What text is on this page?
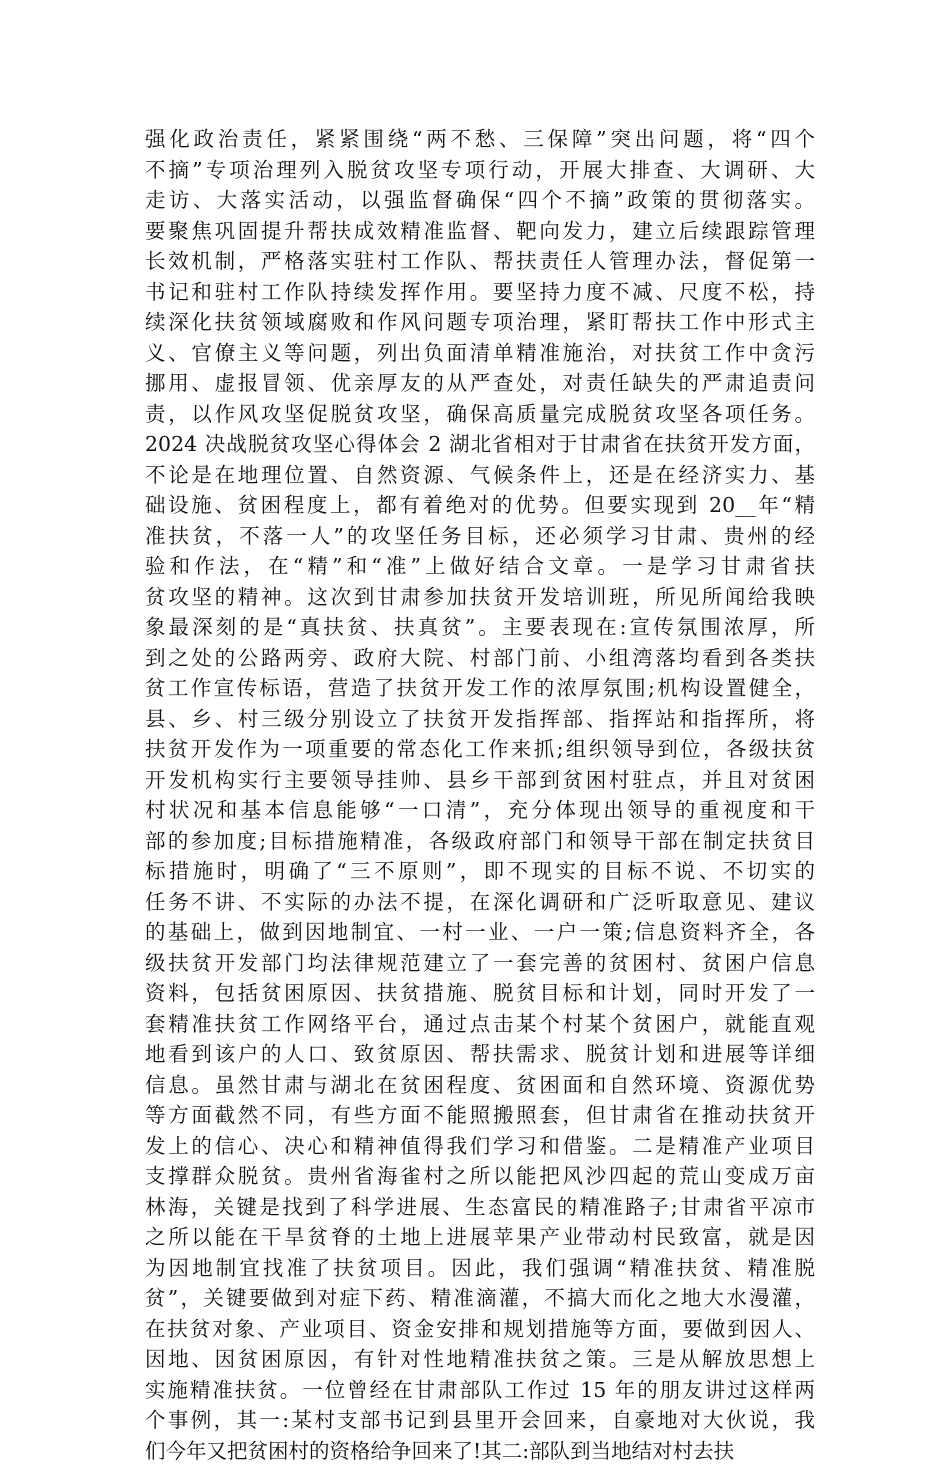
强化政治责任，紧紧围绕“两不愁、三保障”突出问题，将“四个
不摘”专项治理列入脱贫攻坚专项行动，开展大排查、大调研、大
走访、大落实活动，以强监督确保“四个不摘”政策的贯彻落实。
要聚焦巩固提升帮扶成效精准监督、靶向发力，建立后续跟踪管理
长效机制，严格落实驻村工作队、帮扶责任人管理办法，督促第一
书记和驻村工作队持续发挥作用。要坚持力度不减、尺度不松，持
续深化扶贫领域腐败和作风问题专项治理，紧盯帮扶工作中形式主
义、官僚主义等问题，列出负面清单精准施治，对扶贫工作中贪污
挪用、虚报冒领、优亲厚友的从严查处，对责任缺失的严肃追责问
责，以作风攻坚促脱贫攻坚，确保高质量完成脱贫攻坚各项任务。
2024 决战脱贫攻坚心得体会 2 湖北省相对于甘肃省在扶贫开发方面，
不论是在地理位置、自然资源、气候条件上，还是在经济实力、基
础设施、贫困程度上，都有着绝对的优势。但要实现到 20__年“精
准扶贫，不落一人”的攻坚任务目标，还必须学习甘肃、贵州的经
验和作法，在“精”和“准”上做好结合文章。一是学习甘肃省扶
贫攻坚的精神。这次到甘肃参加扶贫开发培训班，所见所闻给我映
象最深刻的是“真扶贫、扶真贫”。主要表现在:宣传氛围浓厚，所
到之处的公路两旁、政府大院、村部门前、小组湾落均看到各类扶
贫工作宣传标语，营造了扶贫开发工作的浓厚氛围;机构设置健全，
县、乡、村三级分别设立了扶贫开发指挥部、指挥站和指挥所，将
扶贫开发作为一项重要的常态化工作来抓;组织领导到位，各级扶贫
开发机构实行主要领导挂帅、县乡干部到贫困村驻点，并且对贫困
村状况和基本信息能够“一口清”，充分体现出领导的重视度和干
部的参加度;目标措施精准，各级政府部门和领导干部在制定扶贫目
标措施时，明确了“三不原则”，即不现实的目标不说、不切实的
任务不讲、不实际的办法不提，在深化调研和广泛听取意见、建议
的基础上，做到因地制宜、一村一业、一户一策;信息资料齐全，各
级扶贫开发部门均法律规范建立了一套完善的贫困村、贫困户信息
资料，包括贫困原因、扶贫措施、脱贫目标和计划，同时开发了一
套精准扶贫工作网络平台，通过点击某个村某个贫困户，就能直观
地看到该户的人口、致贫原因、帮扶需求、脱贫计划和进展等详细
信息。虽然甘肃与湖北在贫困程度、贫困面和自然环境、资源优势
等方面截然不同，有些方面不能照搬照套，但甘肃省在推动扶贫开
发上的信心、决心和精神值得我们学习和借鉴。二是精准产业项目
支撑群众脱贫。贵州省海雀村之所以能把风沙四起的荒山变成万亩
林海，关键是找到了科学进展、生态富民的精准路子;甘肃省平凉市
之所以能在干旱贫脊的土地上进展苹果产业带动村民致富，就是因
为因地制宜找准了扶贫项目。因此，我们强调“精准扶贫、精准脱
贫”，关键要做到对症下药、精准滴灌，不搞大而化之地大水漫灌，
在扶贫对象、产业项目、资金安排和规划措施等方面，要做到因人、
因地、因贫困原因，有针对性地精准扶贫之策。三是从解放思想上
实施精准扶贫。一位曾经在甘肃部队工作过 15 年的朋友讲过这样两
个事例，其一:某村支部书记到县里开会回来，自豪地对大伙说，我
们今年又把贫困村的资格给争回来了!其二:部队到当地结对村去扶
